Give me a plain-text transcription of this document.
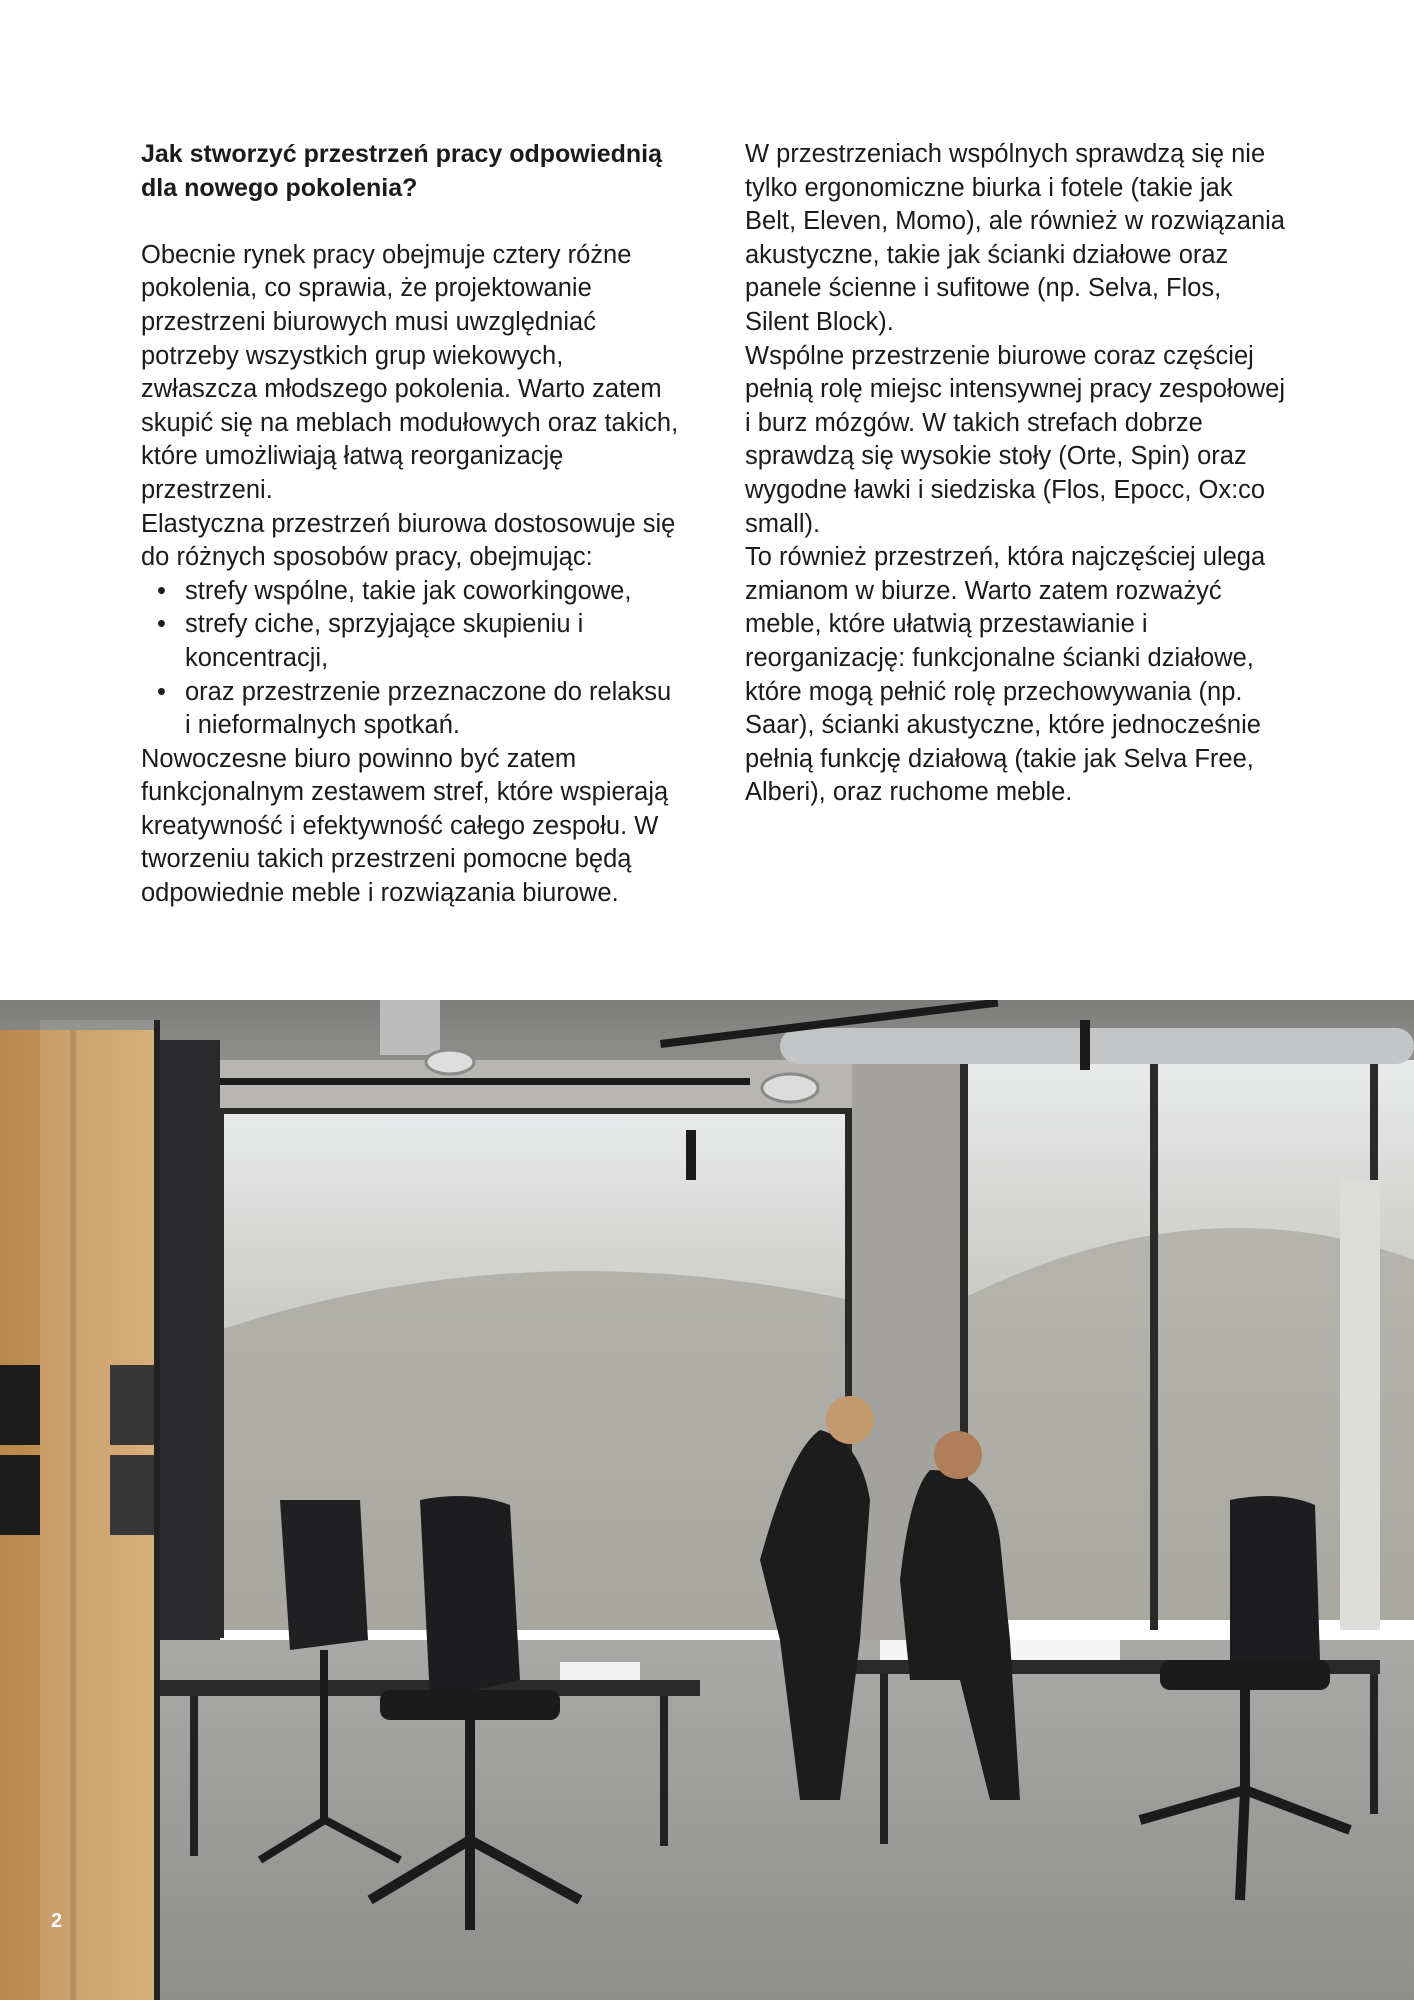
Jak stworzyć przestrzeń pracy odpowiednią dla nowego pokolenia?

Obecnie rynek pracy obejmuje cztery różne pokolenia, co sprawia, że projektowanie przestrzeni biurowych musi uwzględniać potrzeby wszystkich grup wiekowych, zwłaszcza młodszego pokolenia. Warto zatem skupić się na meblach modułowych oraz takich, które umożliwiają łatwą reorganizację przestrzeni.

Elastyczna przestrzeń biurowa dostosowuje się do różnych sposobów pracy, obejmując:

• strefy wspólne, takie jak coworkingowe,
• strefy ciche, sprzyjające skupieniu i koncentracji,
• oraz przestrzenie przeznaczone do relaksu i nieformalnych spotkań.

Nowoczesne biuro powinno być zatem funkcjonalnym zestawem stref, które wspierają kreatywność i efektywność całego zespołu. W tworzeniu takich przestrzeni pomocne będą odpowiednie meble i rozwiązania biurowe.

W przestrzeniach wspólnych sprawdzą się nie tylko ergonomiczne biurka i fotele (takie jak Belt, Eleven, Momo), ale również w rozwiązania akustyczne, takie jak ścianki działowe oraz panele ścienne i sufitowe (np. Selva, Flos, Silent Block).

Wspólne przestrzenie biurowe coraz częściej pełnią rolę miejsc intensywnej pracy zespołowej i burz mózgów. W takich strefach dobrze sprawdzą się wysokie stoły (Orte, Spin) oraz wygodne ławki i siedziska (Flos, Epocc, Ox:co small).

To również przestrzeń, która najczęściej ulega zmianom w biurze. Warto zatem rozważyć meble, które ułatwią przestawianie i reorganizację: funkcjonalne ścianki działowe, które mogą pełnić rolę przechowywania (np. Saar), ścianki akustyczne, które jednocześnie pełnią funkcję działową (takie jak Selva Free, Alberi), oraz ruchome meble.

2
